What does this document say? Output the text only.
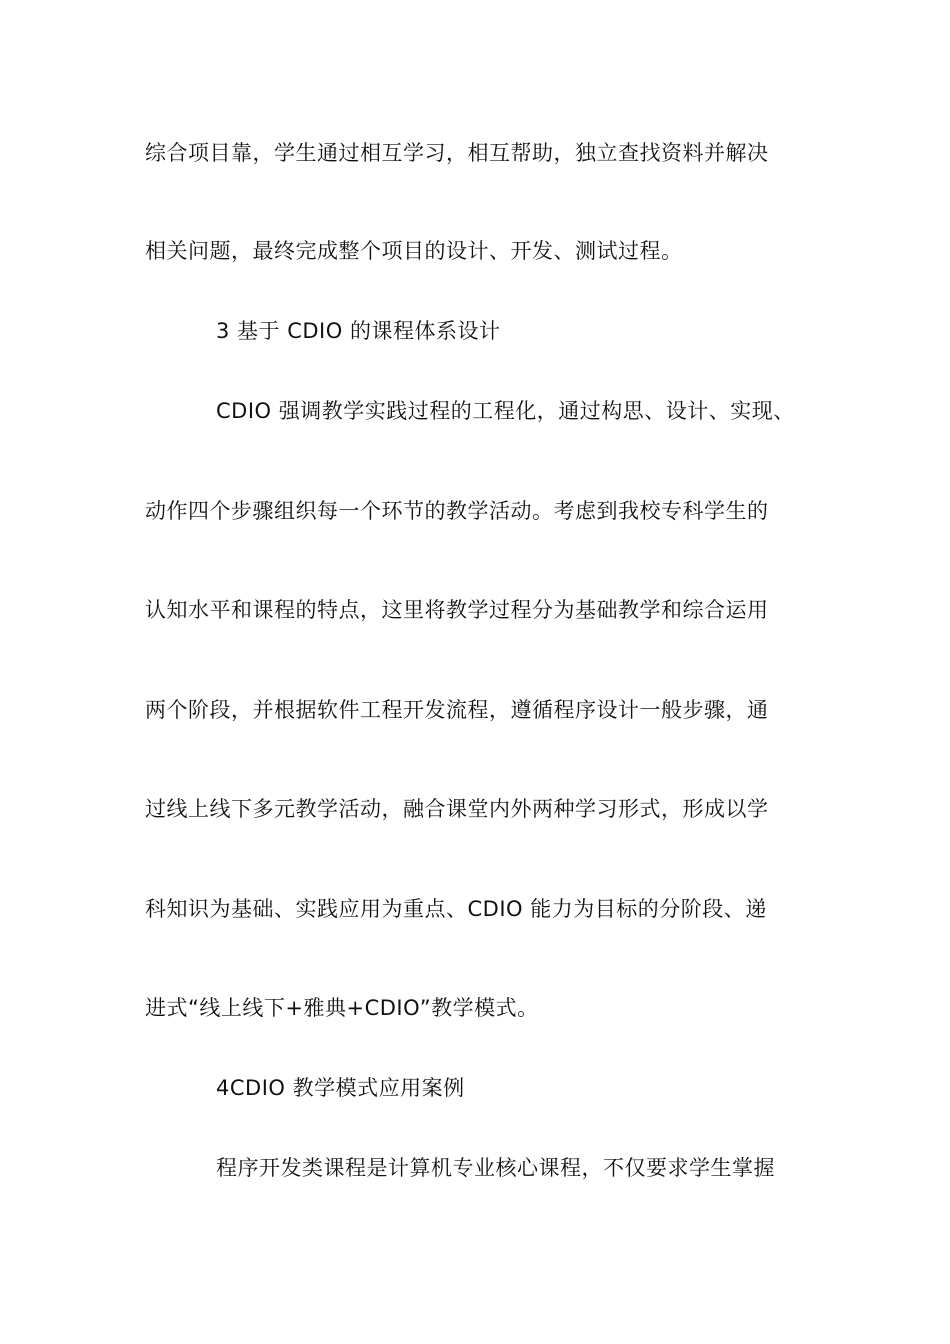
综合项目靠，学生通过相互学习，相互帮助，独立查找资料并解决
相关问题，最终完成整个项目的设计、开发、测试过程。
3 基于 CDIO 的课程体系设计
CDIO 强调教学实践过程的工程化，通过构思、设计、实现、
动作四个步骤组织每一个环节的教学活动。考虑到我校专科学生的
认知水平和课程的特点，这里将教学过程分为基础教学和综合运用
两个阶段，并根据软件工程开发流程，遵循程序设计一般步骤，通
过线上线下多元教学活动，融合课堂内外两种学习形式，形成以学
科知识为基础、实践应用为重点、CDIO 能力为目标的分阶段、递
进式“线上线下+雅典+CDIO”教学模式。
4CDIO 教学模式应用案例
程序开发类课程是计算机专业核心课程，不仅要求学生掌握
